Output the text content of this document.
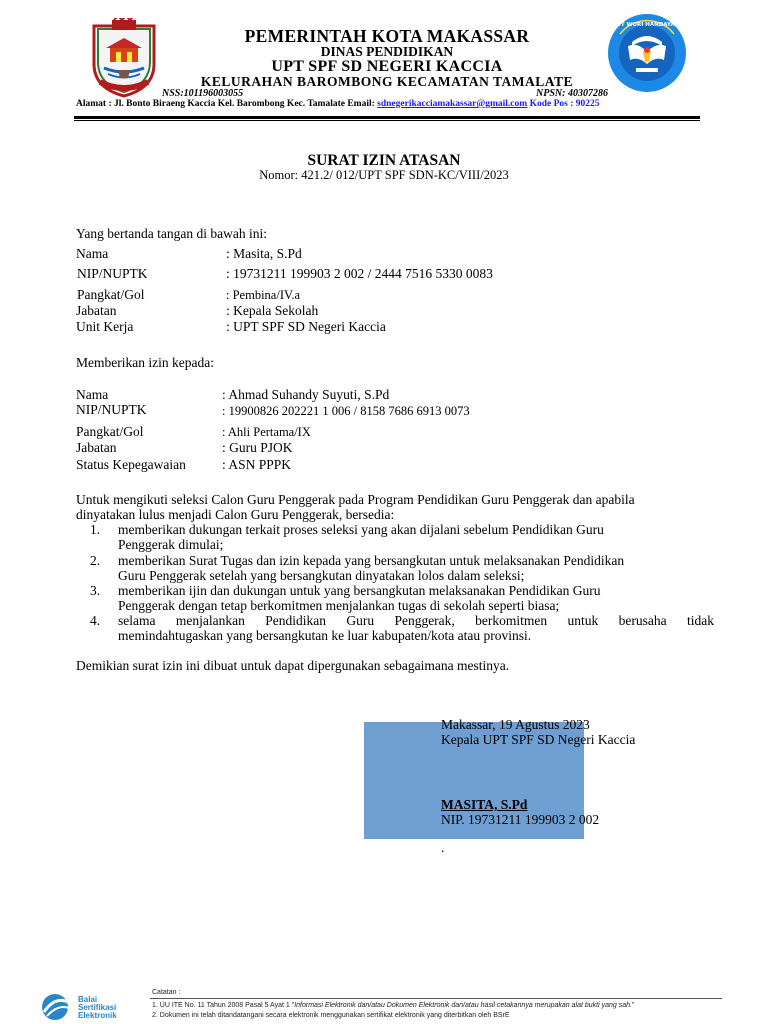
TUT WURI HANDAYANI
PEMERINTAH KOTA MAKASSAR
DINAS PENDIDIKAN
UPT SPF SD NEGERI KACCIA
KELURAHAN BAROMBONG KECAMATAN TAMALATE
NSS:101196003055	NPSN: 40307286
Alamat : Jl. Bonto Biraeng Kaccia Kel. Barombong Kec. Tamalate Email: sdnegerikacciamakassar@gmail.com Kode Pos : 90225
SURAT IZIN ATASAN
Nomor: 421.2/ 012/UPT SPF SDN-KC/VIII/2023
Yang bertanda tangan di bawah ini:
Nama	: Masita, S.Pd
NIP/NUPTK	: 19731211 199903 2 002 / 2444 7516 5330 0083
Pangkat/Gol	: Pembina/IV.a
Jabatan	: Kepala Sekolah
Unit Kerja	: UPT SPF SD Negeri Kaccia
Memberikan izin kepada:
Nama	: Ahmad Suhandy Suyuti, S.Pd
NIP/NUPTK	: 19900826 202221 1 006 / 8158 7686 6913 0073
Pangkat/Gol	: Ahli Pertama/IX
Jabatan	: Guru PJOK
Status Kepegawaian	: ASN PPPK
Untuk mengikuti seleksi Calon Guru Penggerak pada Program Pendidikan Guru Penggerak dan apabila
dinyatakan lulus menjadi Calon Guru Penggerak, bersedia:
1. memberikan dukungan terkait proses seleksi yang akan dijalani sebelum Pendidikan Guru
Penggerak dimulai;
2. memberikan Surat Tugas dan izin kepada yang bersangkutan untuk melaksanakan Pendidikan
Guru Penggerak setelah yang bersangkutan dinyatakan lolos dalam seleksi;
3. memberikan ijin dan dukungan untuk yang bersangkutan melaksanakan Pendidikan Guru
Penggerak dengan tetap berkomitmen menjalankan tugas di sekolah seperti biasa;
4. selama menjalankan Pendidikan Guru Penggerak, berkomitmen untuk berusaha tidak
memindahtugaskan yang bersangkutan ke luar kabupaten/kota atau provinsi.
Demikian surat izin ini dibuat untuk dapat dipergunakan sebagaimana mestinya.
Makassar, 19 Agustus 2023
Kepala UPT SPF SD Negeri Kaccia
MASITA, S.Pd
NIP. 19731211 199903 2 002
.
Balai
Sertifikasi
Elektronik
Catatan :
1. UU ITE No. 11 Tahun 2008 Pasal 5 Ayat 1 "Informasi Elektronik dan/atau Dokumen Elektronik dan/atau hasil cetakannya merupakan alat bukti yang sah."
2. Dokumen ini telah ditandatangani secara elektronik menggunakan sertifikat elektronik yang diterbitkan oleh BSrE
